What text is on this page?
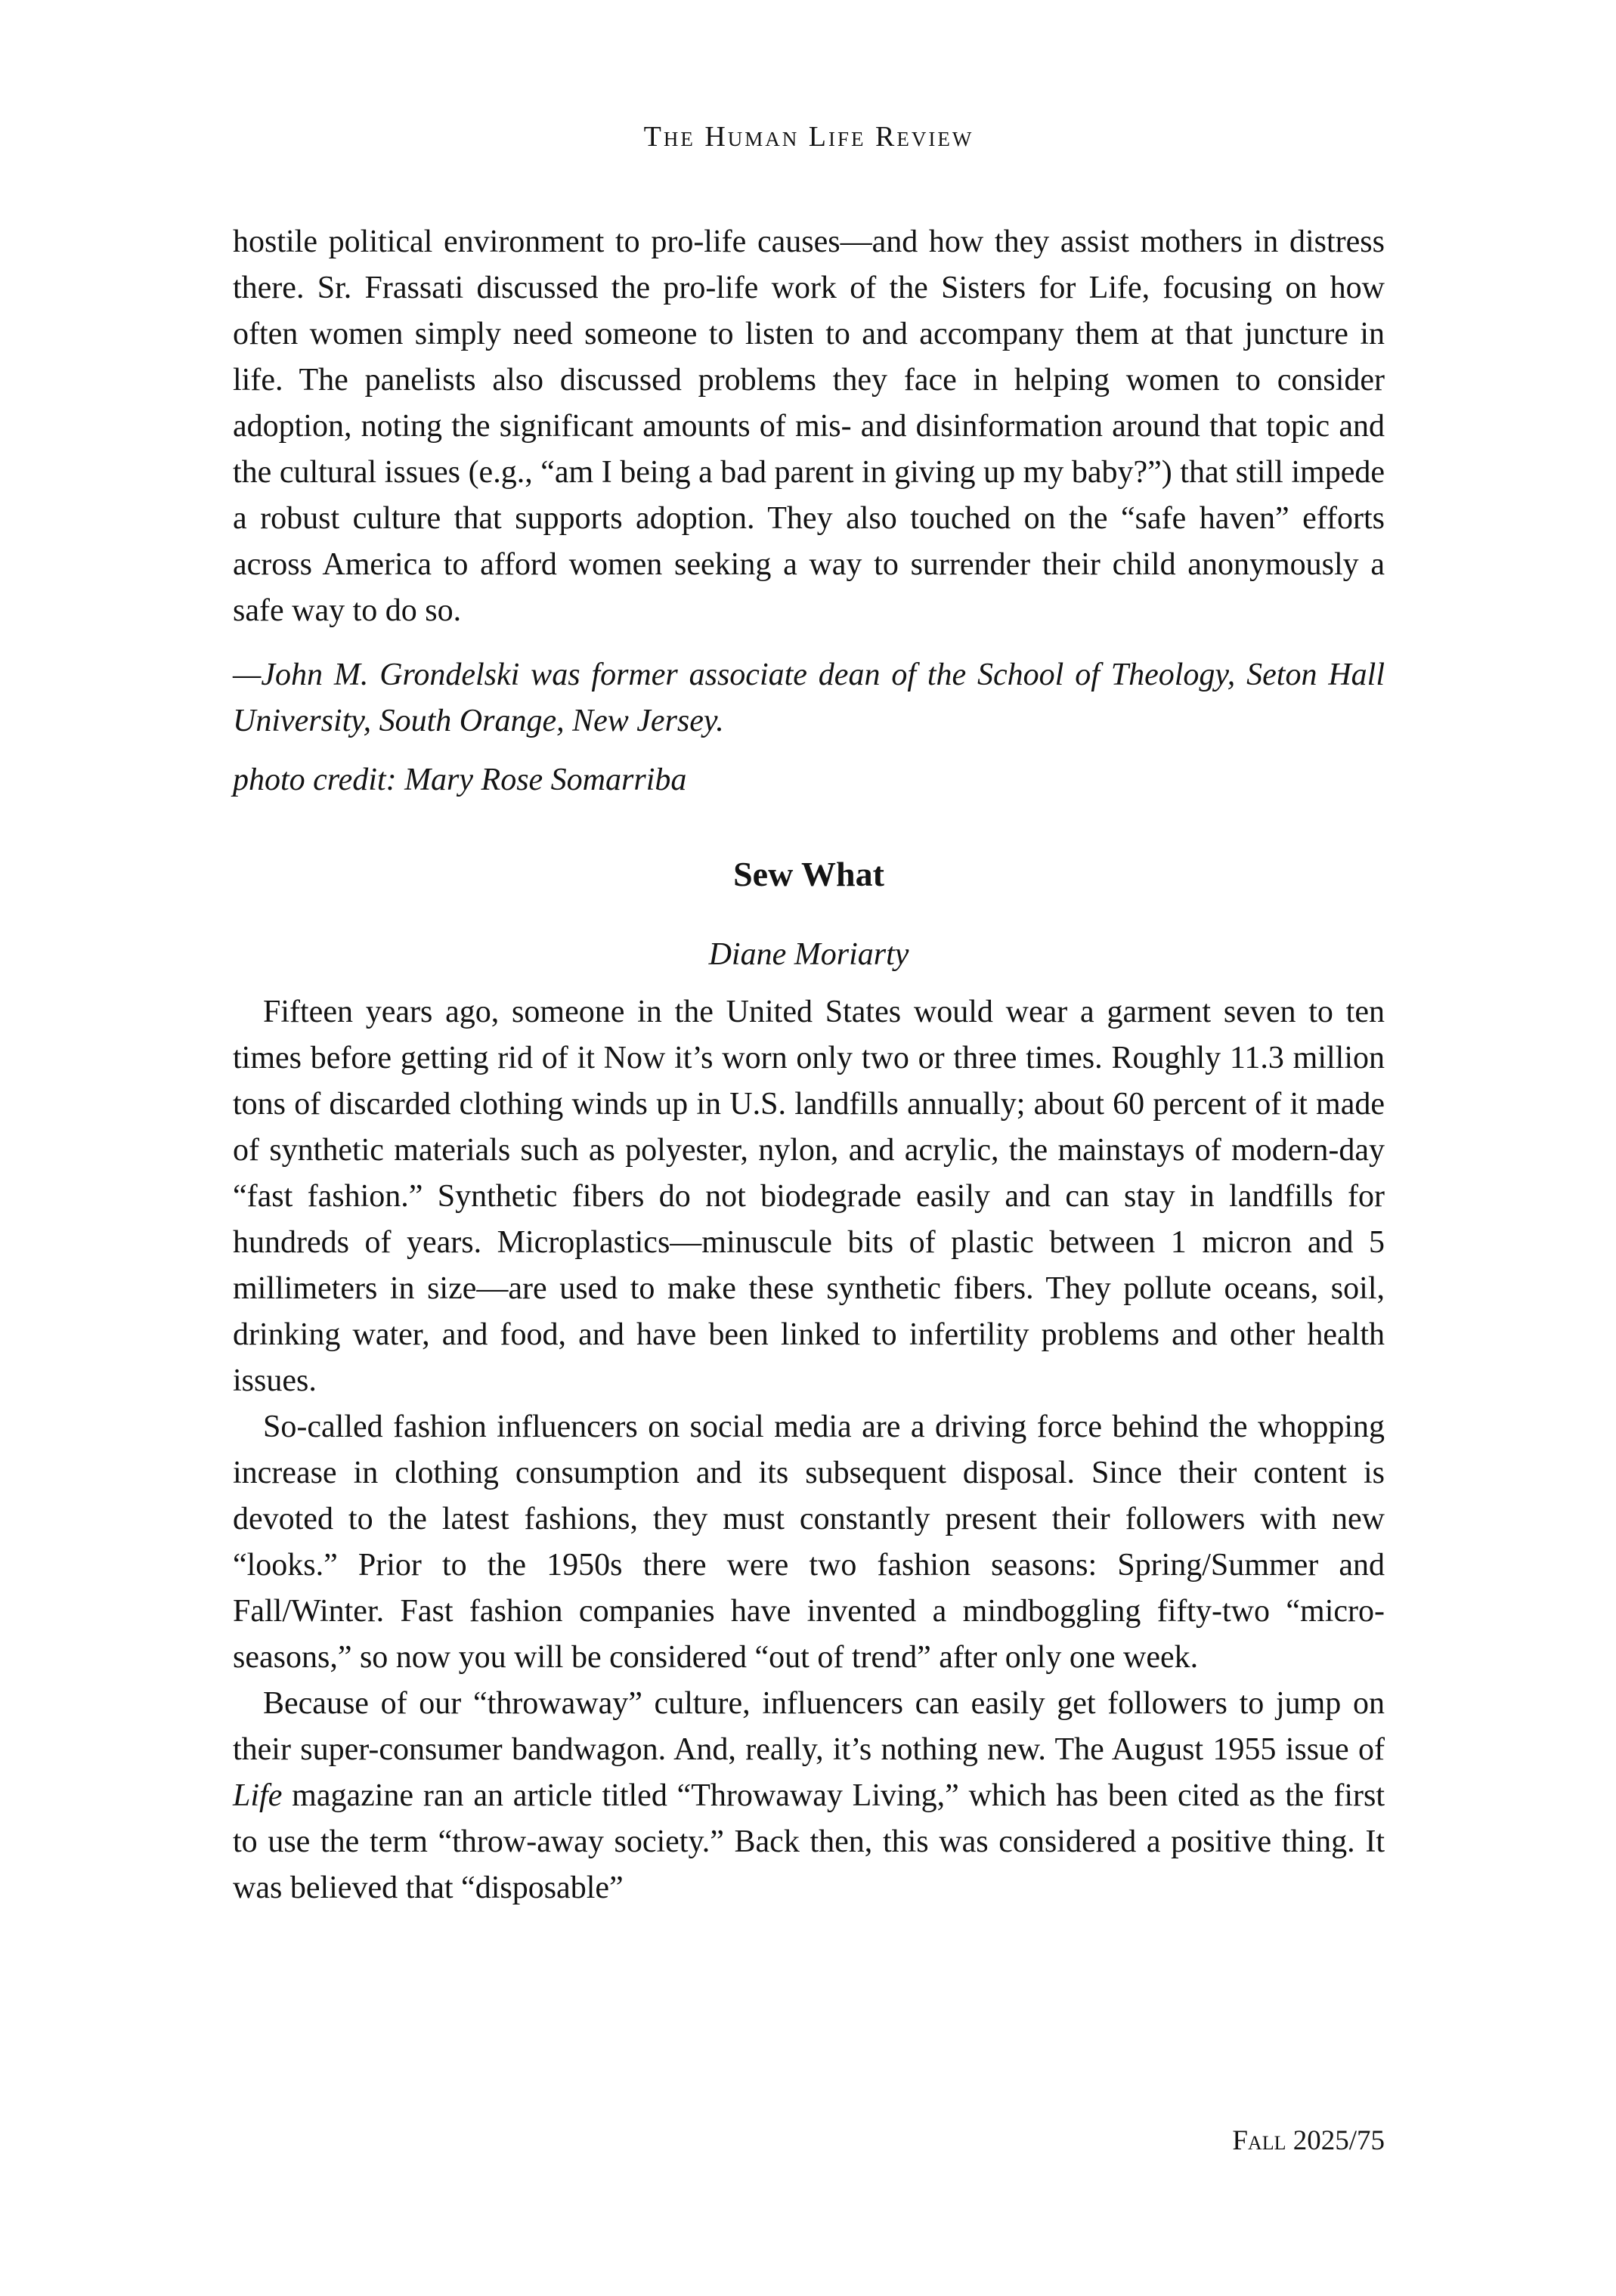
The Human Life Review

hostile political environment to pro-life causes—and how they assist mothers in distress there. Sr. Frassati discussed the pro-life work of the Sisters for Life, focusing on how often women simply need someone to listen to and accompany them at that juncture in life. The panelists also discussed problems they face in helping women to consider adoption, noting the significant amounts of mis- and disinformation around that topic and the cultural issues (e.g., “am I being a bad parent in giving up my baby?”) that still impede a robust culture that supports adoption. They also touched on the “safe haven” efforts across America to afford women seeking a way to surrender their child anonymously a safe way to do so.

—John M. Grondelski was former associate dean of the School of Theology, Seton Hall University, South Orange, New Jersey.

photo credit: Mary Rose Somarriba

Sew What

Diane Moriarty

Fifteen years ago, someone in the United States would wear a garment seven to ten times before getting rid of it Now it’s worn only two or three times. Roughly 11.3 million tons of discarded clothing winds up in U.S. landfills annually; about 60 percent of it made of synthetic materials such as polyester, nylon, and acrylic, the mainstays of modern-day “fast fashion.” Synthetic fibers do not biodegrade easily and can stay in landfills for hundreds of years. Microplastics—minuscule bits of plastic between 1 micron and 5 millimeters in size—are used to make these synthetic fibers. They pollute oceans, soil, drinking water, and food, and have been linked to infertility problems and other health issues.

So-called fashion influencers on social media are a driving force behind the whopping increase in clothing consumption and its subsequent disposal. Since their content is devoted to the latest fashions, they must constantly present their followers with new “looks.” Prior to the 1950s there were two fashion seasons: Spring/Summer and Fall/Winter. Fast fashion companies have invented a mindboggling fifty-two “micro-seasons,” so now you will be considered “out of trend” after only one week.

Because of our “throwaway” culture, influencers can easily get followers to jump on their super-consumer bandwagon. And, really, it’s nothing new. The August 1955 issue of Life magazine ran an article titled “Throwaway Living,” which has been cited as the first to use the term “throw-away society.” Back then, this was considered a positive thing. It was believed that “disposable”

Fall 2025/75
